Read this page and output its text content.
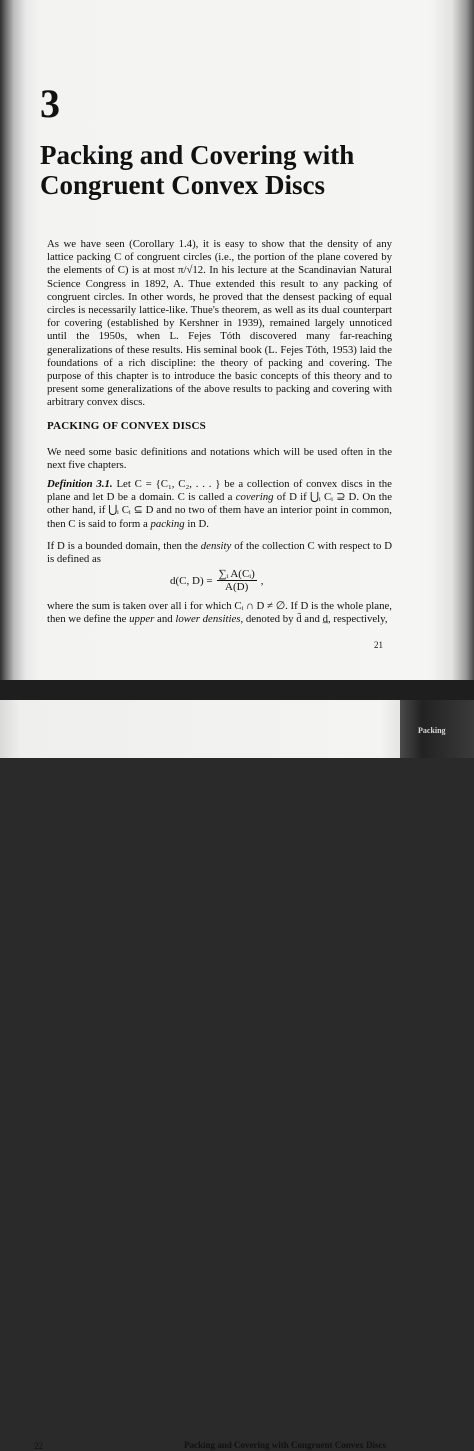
3
Packing and Covering with Congruent Convex Discs
As we have seen (Corollary 1.4), it is easy to show that the density of any lattice packing C of congruent circles (i.e., the portion of the plane covered by the elements of C) is at most π/√12. In his lecture at the Scandinavian Natural Science Congress in 1892, A. Thue extended this result to any packing of congruent circles. In other words, he proved that the densest packing of equal circles is necessarily lattice-like. Thue's theorem, as well as its dual counterpart for covering (established by Kershner in 1939), remained largely unnoticed until the 1950s, when L. Fejes Tóth discovered many far-reaching generalizations of these results. His seminal book (L. Fejes Tóth, 1953) laid the foundations of a rich discipline: the theory of packing and covering. The purpose of this chapter is to introduce the basic concepts of this theory and to present some generalizations of the above results to packing and covering with arbitrary convex discs.
PACKING OF CONVEX DISCS
We need some basic definitions and notations which will be used often in the next five chapters.
Definition 3.1. Let C = {C₁, C₂, . . . } be a collection of convex discs in the plane and let D be a domain. C is called a covering of D if ⋃ᵢ Cᵢ ⊇ D. On the other hand, if ⋃ᵢ Cᵢ ⊆ D and no two of them have an interior point in common, then C is said to form a packing in D.
If D is a bounded domain, then the density of the collection C with respect to D is defined as
d(C, $D) = \frac{\text{∑ᵢ A(Cᵢ)}}{A(D)}$ ,
where the sum is taken over all i for which Cᵢ ∩ D ≠ ∅. If D is the whole plane, then we define the upper and lower densities, denoted by d̄ and d̲, respectively,
21
22	Packing and Covering with Congruent Convex Discs
Packing
